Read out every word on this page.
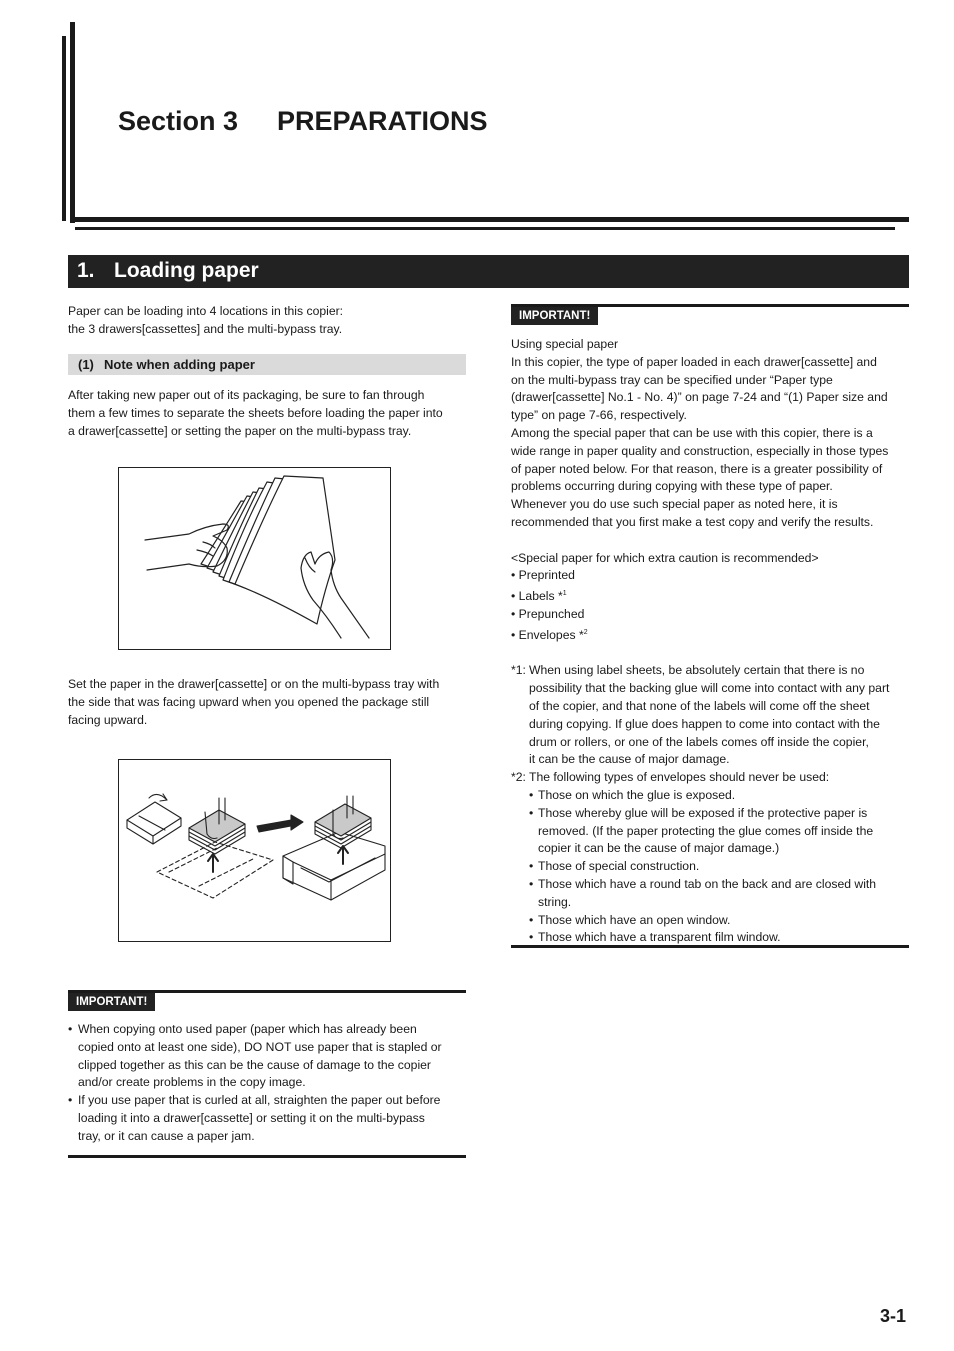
Section 3 PREPARATIONS
1. Loading paper
Paper can be loading into 4 locations in this copier:
the 3 drawers[cassettes] and the multi-bypass tray.
(1) Note when adding paper
After taking new paper out of its packaging, be sure to fan through
them a few times to separate the sheets before loading the paper into
a drawer[cassette] or setting the paper on the multi-bypass tray.
Set the paper in the drawer[cassette] or on the multi-bypass tray with
the side that was facing upward when you opened the package still
facing upward.
IMPORTANT!
• When copying onto used paper (paper which has already been
copied onto at least one side), DO NOT use paper that is stapled or
clipped together as this can be the cause of damage to the copier
and/or create problems in the copy image.
• If you use paper that is curled at all, straighten the paper out before
loading it into a drawer[cassette] or setting it on the multi-bypass
tray, or it can cause a paper jam.
IMPORTANT!
Using special paper
In this copier, the type of paper loaded in each drawer[cassette] and
on the multi-bypass tray can be specified under “Paper type
(drawer[cassette] No.1 - No. 4)” on page 7-24 and “(1) Paper size and
type” on page 7-66, respectively.
Among the special paper that can be use with this copier, there is a
wide range in paper quality and construction, especially in those types
of paper noted below. For that reason, there is a greater possibility of
problems occurring during copying with these type of paper.
Whenever you do use such special paper as noted here, it is
recommended that you first make a test copy and verify the results.
<Special paper for which extra caution is recommended>
• Preprinted
• Labels *$^1$
• Prepunched
• Envelopes *$^2$
*1: When using label sheets, be absolutely certain that there is no
possibility that the backing glue will come into contact with any part
of the copier, and that none of the labels will come off the sheet
during copying. If glue does happen to come into contact with the
drum or rollers, or one of the labels comes off inside the copier,
it can be the cause of major damage.
*2: The following types of envelopes should never be used:
• Those on which the glue is exposed.
• Those whereby glue will be exposed if the protective paper is
removed. (If the paper protecting the glue comes off inside the
copier it can be the cause of major damage.)
• Those of special construction.
• Those which have a round tab on the back and are closed with
string.
• Those which have an open window.
• Those which have a transparent film window.
3-1
